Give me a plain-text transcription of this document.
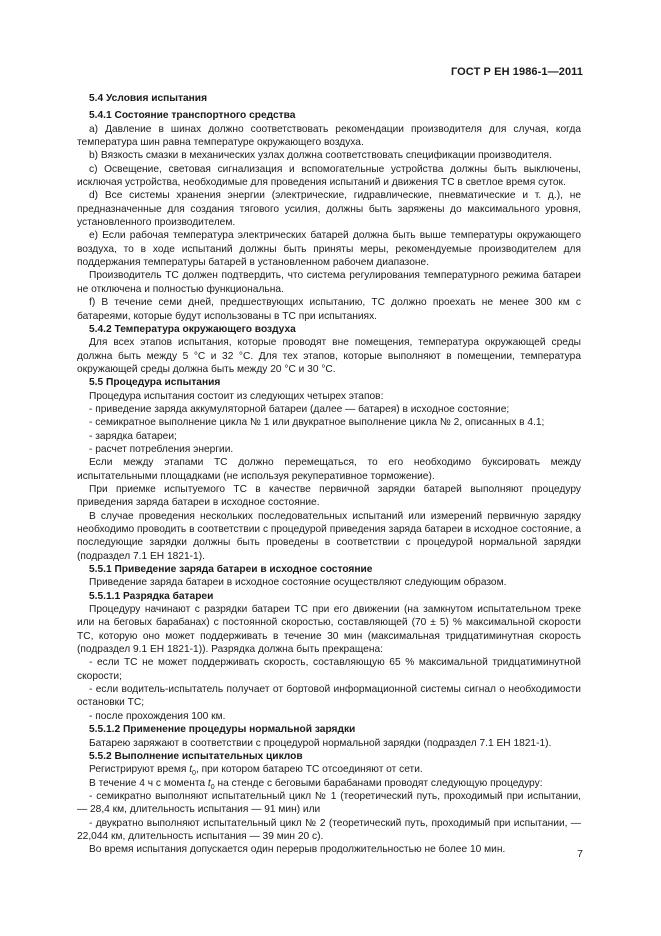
ГОСТ Р ЕН 1986-1—2011

5.4 Условия испытания

5.4.1 Состояние транспортного средства

a) Давление в шинах должно соответствовать рекомендации производителя для случая, когда температура шин равна температуре окружающего воздуха.

b) Вязкость смазки в механических узлах должна соответствовать спецификации производителя.

c) Освещение, световая сигнализация и вспомогательные устройства должны быть выключены, исключая устройства, необходимые для проведения испытаний и движения ТС в светлое время суток.

d) Все системы хранения энергии (электрические, гидравлические, пневматические и т. д.), не предназначенные для создания тягового усилия, должны быть заряжены до максимального уровня, установленного производителем.

e) Если рабочая температура электрических батарей должна быть выше температуры окружающего воздуха, то в ходе испытаний должны быть приняты меры, рекомендуемые производителем для поддержания температуры батарей в установленном рабочем диапазоне.

Производитель ТС должен подтвердить, что система регулирования температурного режима батареи не отключена и полностью функциональна.

f) В течение семи дней, предшествующих испытанию, ТС должно проехать не менее 300 км с батареями, которые будут использованы в ТС при испытаниях.

5.4.2 Температура окружающего воздуха

Для всех этапов испытания, которые проводят вне помещения, температура окружающей среды должна быть между 5 °С и 32 °С. Для тех этапов, которые выполняют в помещении, температура окружающей среды должна быть между 20 °С и 30 °С.

5.5 Процедура испытания

Процедура испытания состоит из следующих четырех этапов:

- приведение заряда аккумуляторной батареи (далее — батарея) в исходное состояние;

- семикратное выполнение цикла № 1 или двукратное выполнение цикла № 2, описанных в 4.1;

- зарядка батареи;

- расчет потребления энергии.

Если между этапами ТС должно перемещаться, то его необходимо буксировать между испытательными площадками (не используя рекуперативное торможение).

При приемке испытуемого ТС в качестве первичной зарядки батарей выполняют процедуру приведения заряда батареи в исходное состояние.

В случае проведения нескольких последовательных испытаний или измерений первичную зарядку необходимо проводить в соответствии с процедурой приведения заряда батареи в исходное состояние, а последующие зарядки должны быть проведены в соответствии с процедурой нормальной зарядки (подраздел 7.1 ЕН 1821-1).

5.5.1 Приведение заряда батареи в исходное состояние

Приведение заряда батареи в исходное состояние осуществляют следующим образом.

5.5.1.1 Разрядка батареи

Процедуру начинают с разрядки батареи ТС при его движении (на замкнутом испытательном треке или на беговых барабанах) с постоянной скоростью, составляющей (70 ± 5) % максимальной скорости ТС, которую оно может поддерживать в течение 30 мин (максимальная тридцатиминутная скорость (подраздел 9.1 ЕН 1821-1)). Разрядка должна быть прекращена:

- если ТС не может поддерживать скорость, составляющую 65 % максимальной тридцатиминутной скорости;

- если водитель-испытатель получает от бортовой информационной системы сигнал о необходимости остановки ТС;

- после прохождения 100 км.

5.5.1.2 Применение процедуры нормальной зарядки

Батарею заряжают в соответствии с процедурой нормальной зарядки (подраздел 7.1 ЕН 1821-1).

5.5.2 Выполнение испытательных циклов

Регистрируют время $t_0$, при котором батарею ТС отсоединяют от сети.

В течение 4 ч с момента $t_0$ на стенде с беговыми барабанами проводят следующую процедуру:

- семикратно выполняют испытательный цикл № 1 (теоретический путь, проходимый при испытании, — 28,4 км, длительность испытания — 91 мин) или

- двукратно выполняют испытательный цикл № 2 (теоретический путь, проходимый при испытании, — 22,044 км, длительность испытания — 39 мин 20 с).

Во время испытания допускается один перерыв продолжительностью не более 10 мин.	7
